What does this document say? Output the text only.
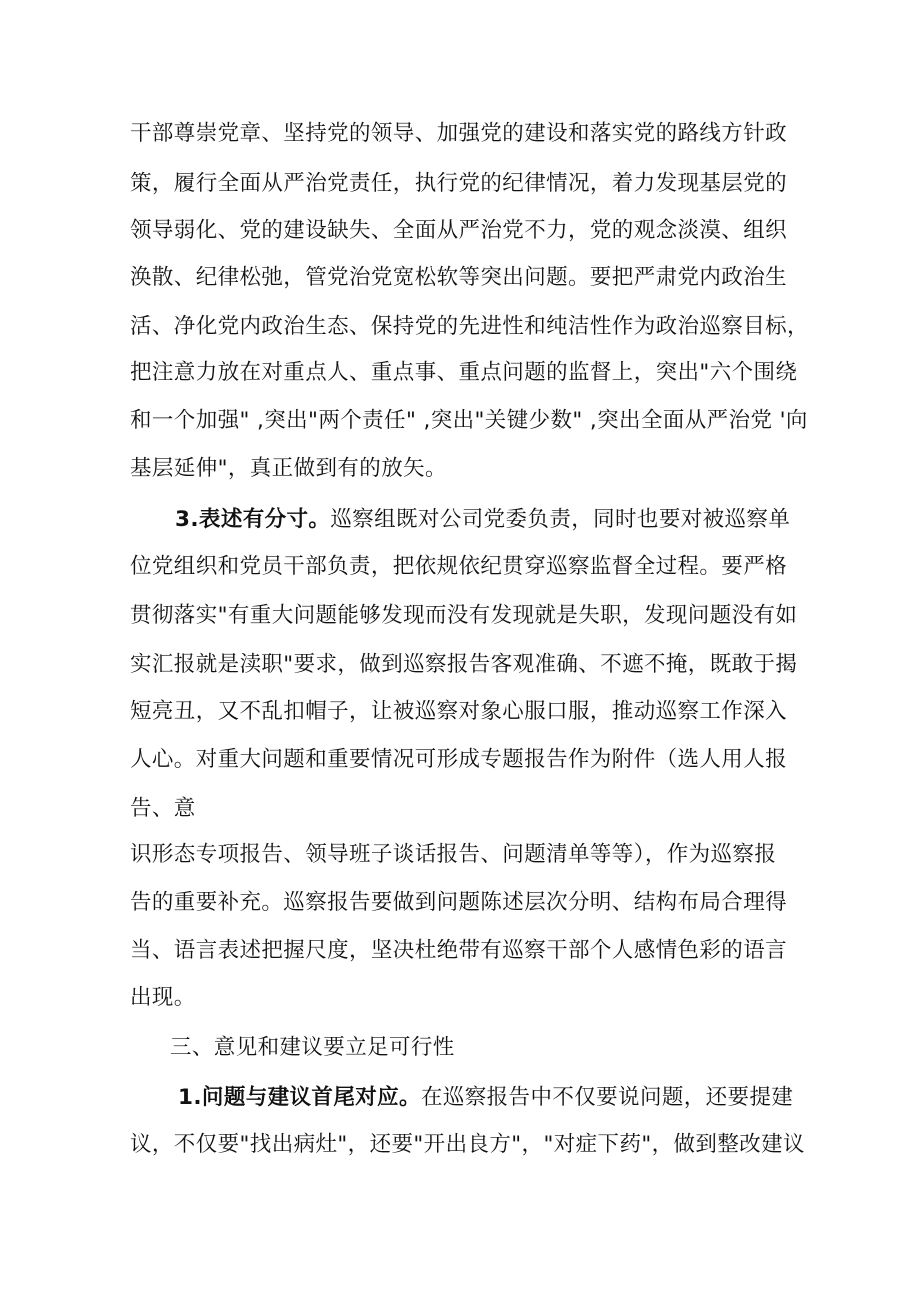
干部尊崇党章、坚持党的领导、加强党的建设和落实党的路线方针政
策，履行全面从严治党责任，执行党的纪律情况，着力发现基层党的
领导弱化、党的建设缺失、全面从严治党不力，党的观念淡漠、组织
涣散、纪律松弛，管党治党宽松软等突出问题。要把严肃党内政治生
活、净化党内政治生态、保持党的先进性和纯洁性作为政治巡察目标，
把注意力放在对重点人、重点事、重点问题的监督上，突出"六个围绕
和一个加强" ,突出"两个责任" ,突出"关键少数" ,突出全面从严治党 '向
基层延伸"，真正做到有的放矢。
3.表述有分寸。巡察组既对公司党委负责，同时也要对被巡察单
位党组织和党员干部负责，把依规依纪贯穿巡察监督全过程。要严格
贯彻落实"有重大问题能够发现而没有发现就是失职，发现问题没有如
实汇报就是渎职"要求，做到巡察报告客观准确、不遮不掩，既敢于揭
短亮丑，又不乱扣帽子，让被巡察对象心服口服，推动巡察工作深入
人心。对重大问题和重要情况可形成专题报告作为附件（选人用人报
告、意
识形态专项报告、领导班子谈话报告、问题清单等等），作为巡察报
告的重要补充。巡察报告要做到问题陈述层次分明、结构布局合理得
当、语言表述把握尺度，坚决杜绝带有巡察干部个人感情色彩的语言
出现。
三、意见和建议要立足可行性
1.问题与建议首尾对应。在巡察报告中不仅要说问题，还要提建
议，不仅要"找出病灶"，还要"开出良方"，"对症下药"，做到整改建议
